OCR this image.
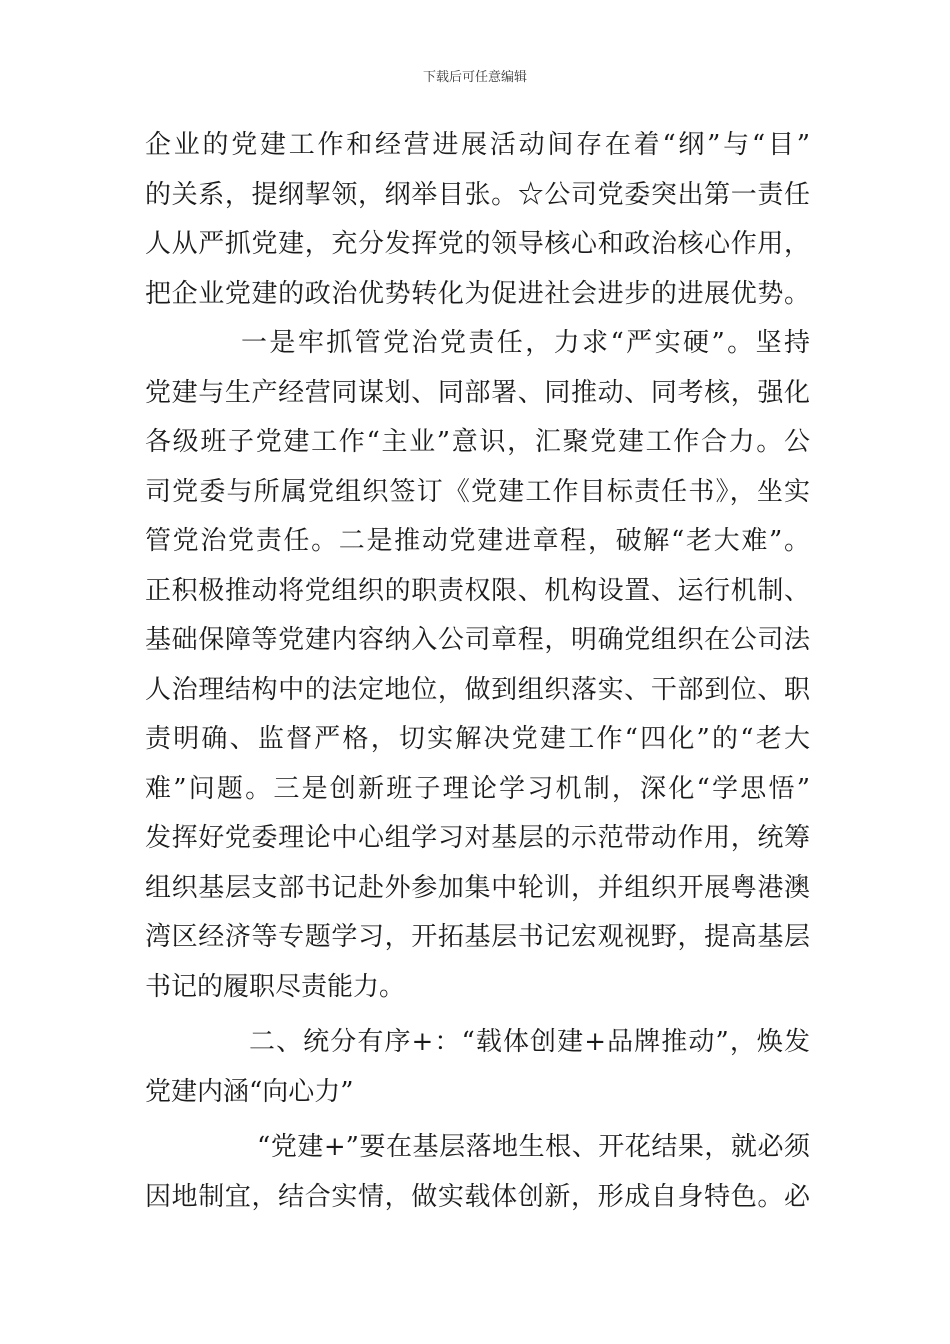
下载后可任意编辑
企业的党建工作和经营进展活动间存在着“纲”与“目”
的关系，提纲挈领，纲举目张。☆公司党委突出第一责任
人从严抓党建，充分发挥党的领导核心和政治核心作用，
把企业党建的政治优势转化为促进社会进步的进展优势。
一是牢抓管党治党责任，力求“严实硬”。坚持
党建与生产经营同谋划、同部署、同推动、同考核，强化
各级班子党建工作“主业”意识，汇聚党建工作合力。公
司党委与所属党组织签订《党建工作目标责任书》，坐实
管党治党责任。二是推动党建进章程，破解“老大难”。
正积极推动将党组织的职责权限、机构设置、运行机制、
基础保障等党建内容纳入公司章程，明确党组织在公司法
人治理结构中的法定地位，做到组织落实、干部到位、职
责明确、监督严格，切实解决党建工作“四化”的“老大
难”问题。三是创新班子理论学习机制，深化“学思悟”
发挥好党委理论中心组学习对基层的示范带动作用，统筹
组织基层支部书记赴外参加集中轮训，并组织开展粤港澳
湾区经济等专题学习，开拓基层书记宏观视野，提高基层
书记的履职尽责能力。
二、统分有序+：“载体创建+品牌推动”，焕发
党建内涵“向心力”
“党建+”要在基层落地生根、开花结果，就必须
因地制宜，结合实情，做实载体创新，形成自身特色。必
